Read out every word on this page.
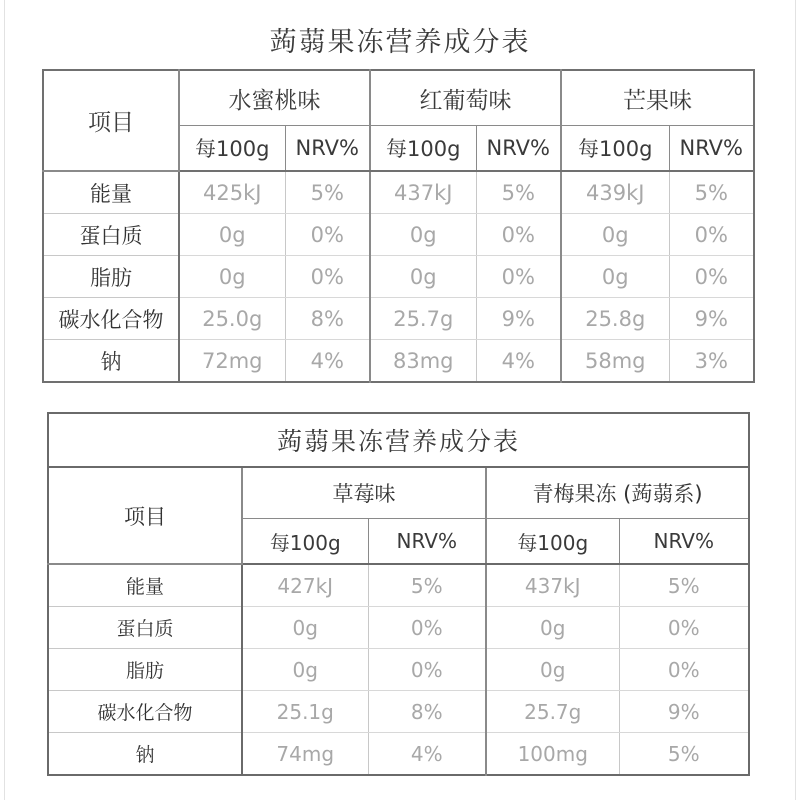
蒟蒻果冻营养成分表
项目	水蜜桃味		红葡萄味		芒果味	
	每100g	NRV%	每100g	NRV%	每100g	NRV%
能量	425kJ	5%	437kJ	5%	439kJ	5%
蛋白质	0g	0%	0g	0%	0g	0%
脂肪	0g	0%	0g	0%	0g	0%
碳水化合物	25.0g	8%	25.7g	9%	25.8g	9%
钠	72mg	4%	83mg	4%	58mg	3%
蒟蒻果冻营养成分表				
项目	草莓味		青梅果冻 (蒟蒻系)	
	每100g	NRV%	每100g	NRV%
能量	427kJ	5%	437kJ	5%
蛋白质	0g	0%	0g	0%
脂肪	0g	0%	0g	0%
碳水化合物	25.1g	8%	25.7g	9%
钠	74mg	4%	100mg	5%
